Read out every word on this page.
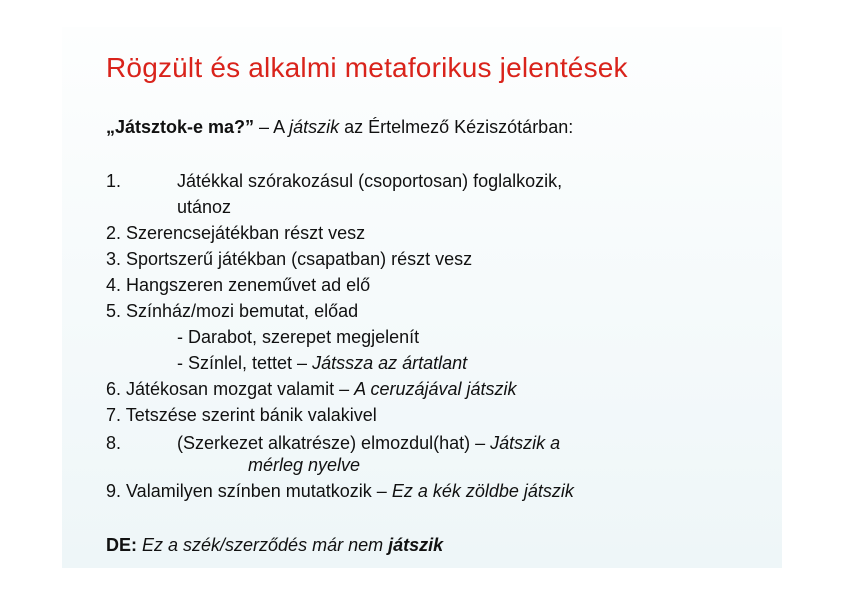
Rögzült és alkalmi metaforikus jelentések
„Játsztok-e ma?” – A játszik az Értelmező Kéziszótárban:
1.	Játékkal szórakozásul (csoportosan) foglalkozik,
utánoz
2. Szerencsejátékban részt vesz
3. Sportszerű játékban (csapatban) részt vesz
4. Hangszeren zeneművet ad elő
5. Színház/mozi bemutat, előad
- Darabot, szerepet megjelenít
- Színlel, tettet – Játssza az ártatlant
6. Játékosan mozgat valamit – A ceruzájával játszik
7. Tetszése szerint bánik valakivel
8.	(Szerkezet alkatrésze) elmozdul(hat) – Játszik a
mérleg nyelve
9. Valamilyen színben mutatkozik – Ez a kék zöldbe játszik
DE: Ez a szék/szerződés már nem játszik
